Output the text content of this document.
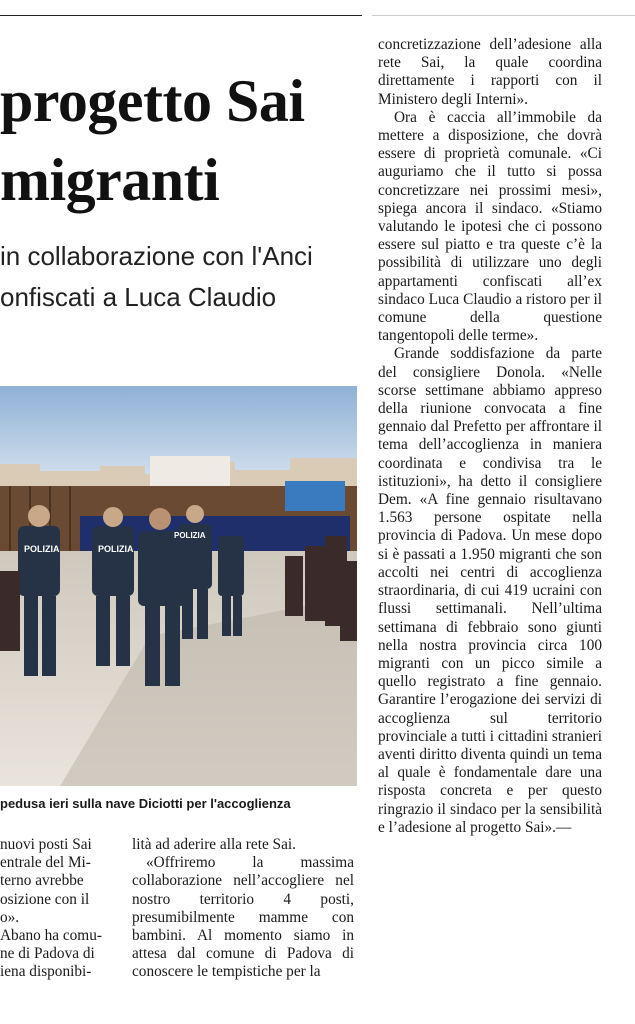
progetto Sai
migranti
in collaborazione con l'Anci
onfiscati a Luca Claudio
POLIZIA	POLIZIA
POLIZIA
pedusa ieri sulla nave Diciotti per l'accoglienza

concretizzazione dell’adesione alla rete Sai, la quale coordina direttamente i rapporti con il Ministero degli Interni».

Ora è caccia all’immobile da mettere a disposizione, che dovrà essere di proprietà comunale. «Ci auguriamo che il tutto si possa concretizzare nei prossimi mesi», spiega ancora il sindaco. «Stiamo valutando le ipotesi che ci possono essere sul piatto e tra queste c’è la possibilità di utilizzare uno degli appartamenti confiscati all’ex sindaco Luca Claudio a ristoro per il comune della questione tangentopoli delle terme».

Grande soddisfazione da parte del consigliere Donola. «Nelle scorse settimane abbiamo appreso della riunione convocata a fine gennaio dal Prefetto per affrontare il tema dell’accoglienza in maniera coordinata e condivisa tra le istituzioni», ha detto il consigliere Dem. «A fine gennaio risultavano 1.563 persone ospitate nella provincia di Padova. Un mese dopo si è passati a 1.950 migranti che son accolti nei centri di accoglienza straordinaria, di cui 419 ucraini con flussi settimanali. Nell’ultima settimana di febbraio sono giunti nella nostra provincia circa 100 migranti con un picco simile a quello registrato a fine gennaio. Garantire l’erogazione dei servizi di accoglienza sul territorio provinciale a tutti i cittadini stranieri aventi diritto diventa quindi un tema al quale è fondamentale dare una risposta concreta e per questo ringrazio il sindaco per la sensibilità e l’adesione al progetto Sai».—

nuovi posti Sai

entrale del Mi-

terno avrebbe

osizione con il

o».

Abano ha comu-

ne di Padova di

iena disponibi-

lità ad aderire alla rete Sai.

«Offriremo la massima collaborazione nell’accogliere nel nostro territorio 4 posti, presumibilmente mamme con bambini. Al momento siamo in attesa dal comune di Padova di conoscere le tempistiche per la
